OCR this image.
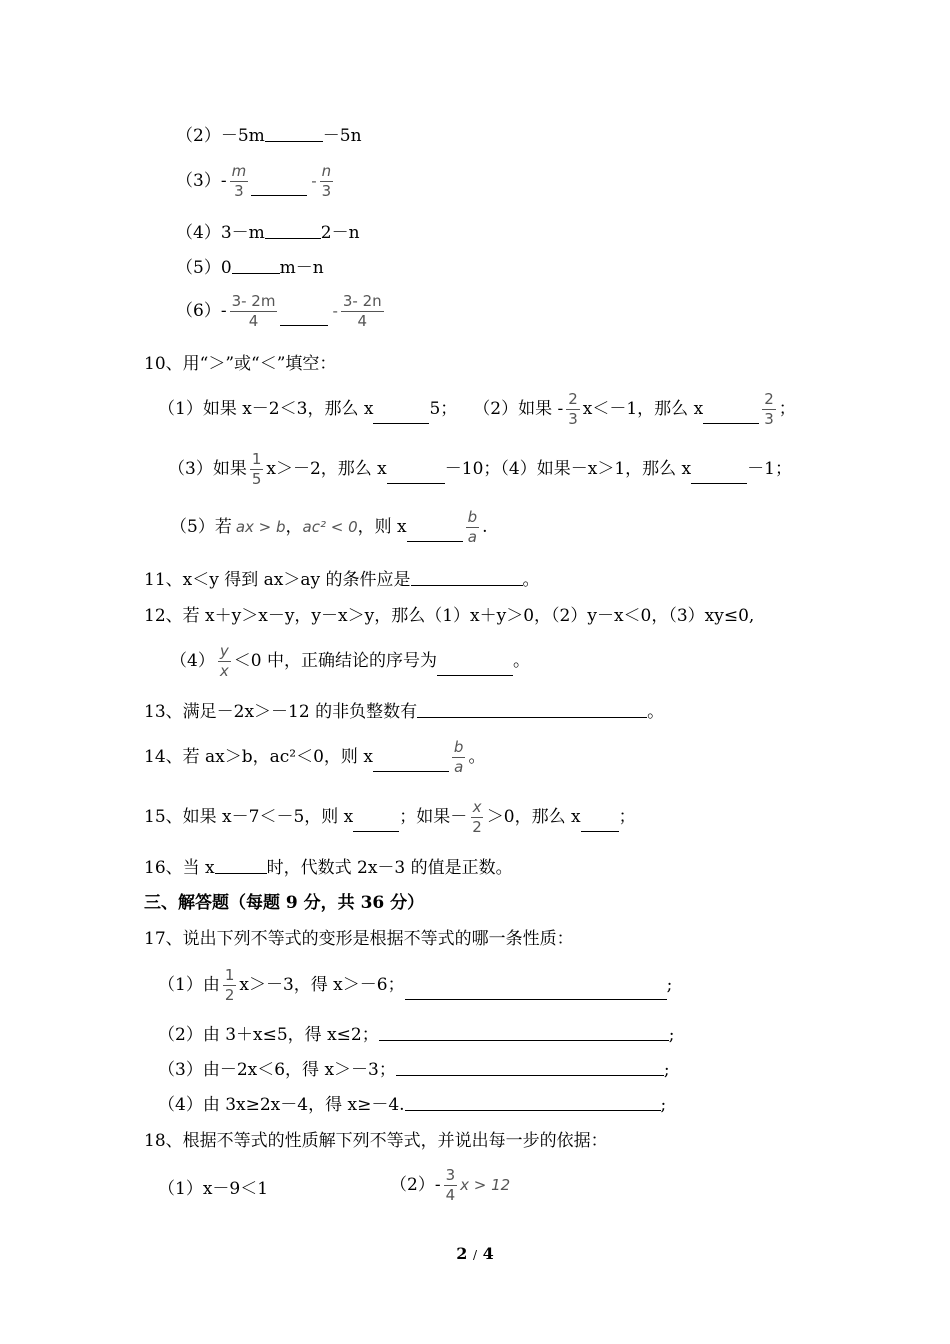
（2）－5m	－5n
$(3)- \frac{m}{3}$	- $\frac{n}{3}$
（4）3－m	2－n
（5）0	m－n
$(6)- \frac{3- 2m}{4}$	- $\frac{3- 2n}{4}$
10、用“＞”或“＜”填空：
（1）如果 x－2＜3，那么 x	5； （2）如果 - $\frac{2}{3} x<-1$，那么 x	$\frac{2}{3}$ ；
（3）如果 $\frac{1}{5} x>-2$，那么 x	－10；（4）如果－x＞1，那么 x	－1；
（5）若 ax > b ， ac² < 0 ，则 x	$\frac{b}{a}$ .
11、x＜y 得到 ax＞ay 的条件应是	。
12、若 x＋y＞x－y，y－x＞y，那么（1）x＋y＞0，（2）y－x＜0，（3）xy≤0,
$(4) \frac{y}{x} <0$ 中，正确结论的序号为	。
13、满足－2x＞－12 的非负整数有	。
14、若 ax＞b，ac²＜0，则 x	$\frac{b}{a}$ 。
15、如果 x－7＜－5，则 x	；如果－ $\frac{x}{2} >0$，那么 x ；
16、当 x	时，代数式 2x－3 的值是正数。
三、解答题（每题 9 分，共 36 分）
17、说出下列不等式的变形是根据不等式的哪一条性质：
（1）由 $\frac{1}{2} x>-3$，得 x＞－6；	;
（2）由 3＋x≤5，得 x≤2；	;
（3）由－2x＜6，得 x＞－3；	;
（4）由 3x≥2x－4，得 x≥－4.	;
18、根据不等式的性质解下列不等式，并说出每一步的依据：
（1）x－9＜1	$(2)- \frac{3}{4}$ x > 12
2 / 4
